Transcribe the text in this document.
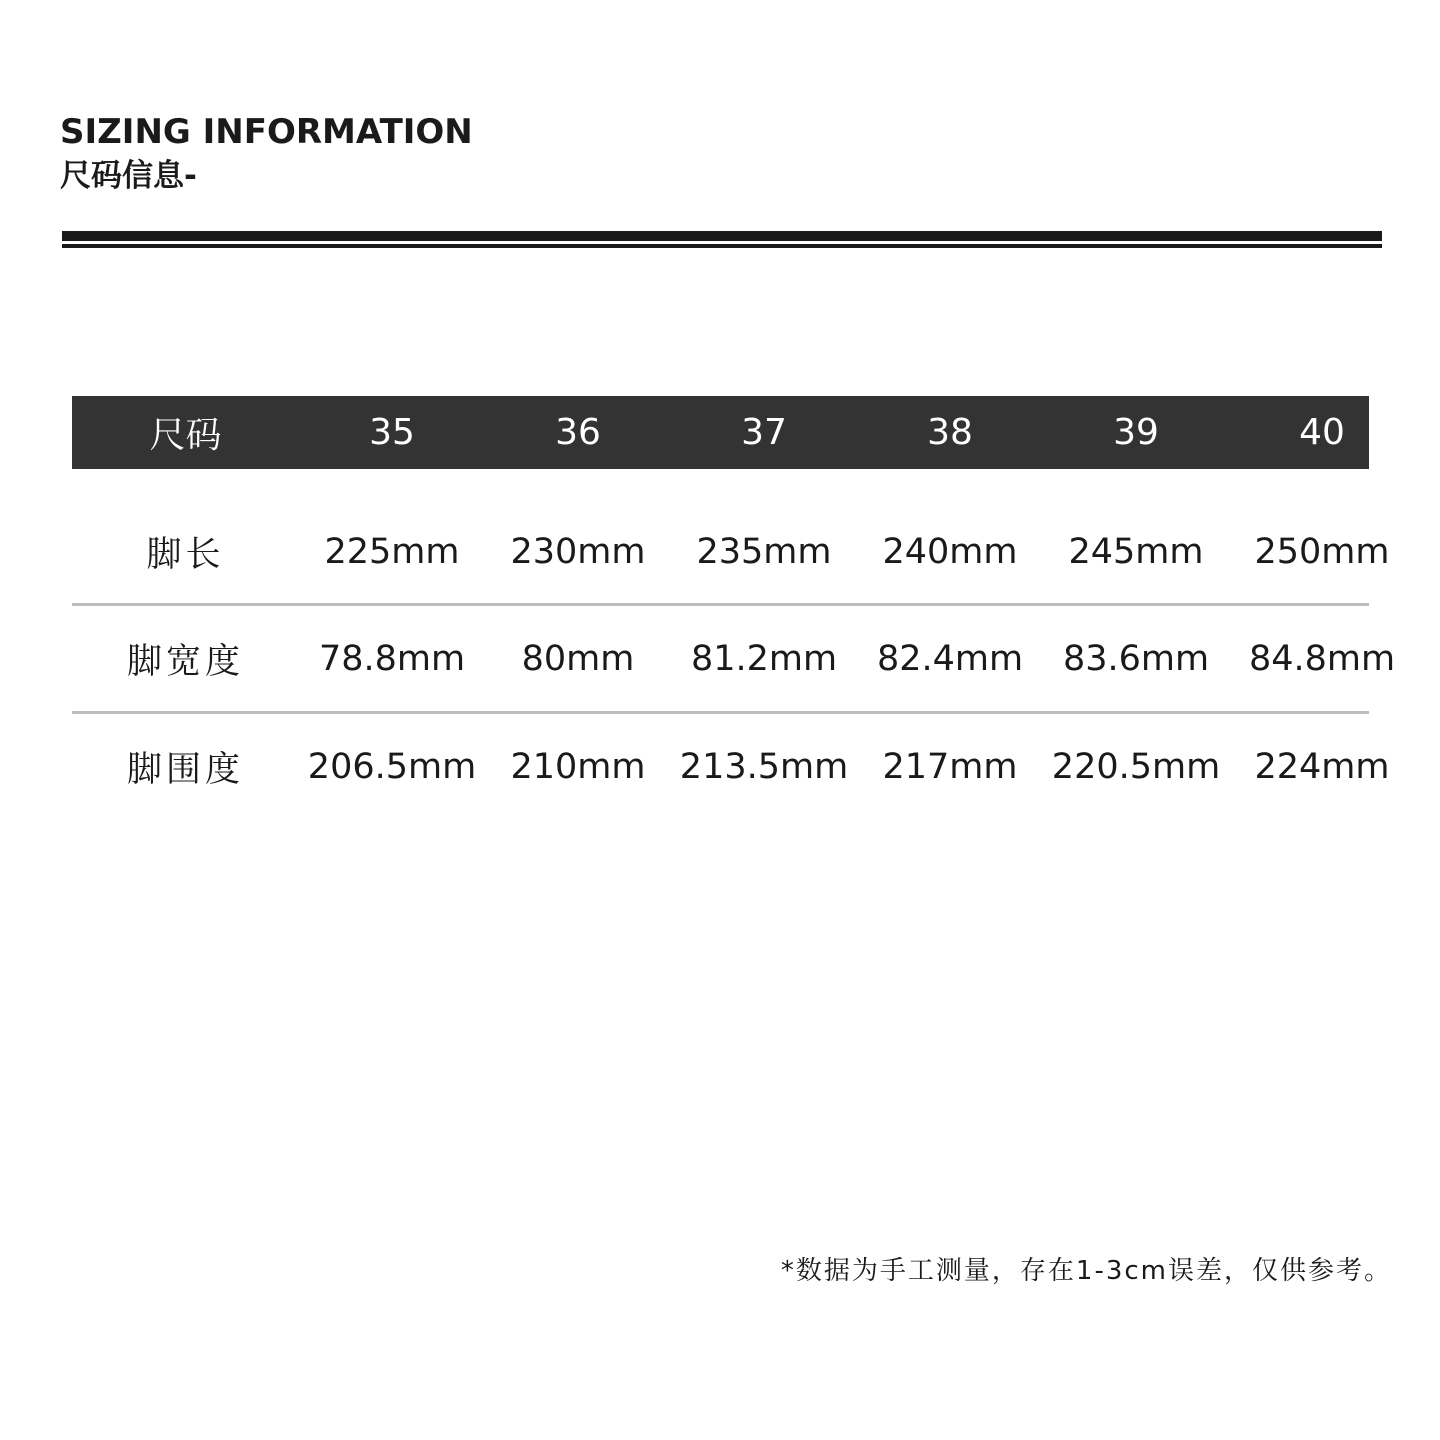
SIZING INFORMATION
尺码信息-
尺码	35	36	37	38	39	40
脚长	225mm	230mm	235mm	240mm	245mm	250mm
脚宽度	78.8mm	80mm	81.2mm	82.4mm	83.6mm	84.8mm
脚围度	206.5mm 210mm 213.5mm 217mm 220.5mm 224mm
*数据为手工测量，存在1-3cm误差，仅供参考。
